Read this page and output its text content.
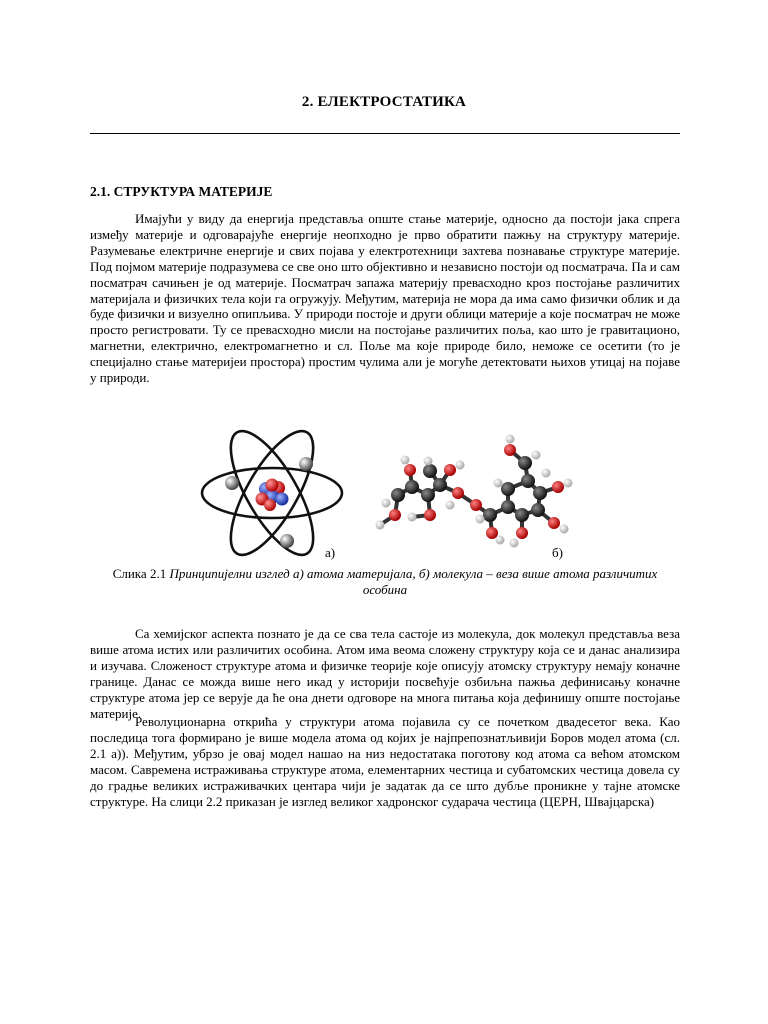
2. ЕЛЕКТРОСТАТИКА
2.1. СТРУКТУРА МАТЕРИЈЕ

Имајући у виду да енергија представља опште стање материје, односно да постоји јака спрега између материје и одговарајуће енергије неопходно је прво обратити пажњу на структуру материје. Разумевање електричне енергије и свих појава у електротехници захтева познавање структуре материје. Под појмом материје подразумева се све оно што објективно и независно постоји од посматрача. Па и сам посматрач сачињен је од материје. Посматрач запажа материју превасходно кроз постојање различитих материјала и физичких тела који га огружују. Међутим, материја не мора да има само физички облик и да буде физички и визуелно опипљива. У природи постоје и други облици материје а које посматрач не може просто регистровати. Ту се превасходно мисли на постојање различитих поља, као што је гравитационо, магнетни, електрично, електромагнетно и сл. Поље ма које природе било, неможе се осетити (то је специјално стање материјеи простора) простим чулима али је могуће детектовати њихов утицај на појаве у природи.

а)	б)

Слика 2.1 Принципијелни изглед а) атома материјала, б) молекула – веза више атома различитих особина

Са хемијског аспекта познато је да се сва тела састоје из молекула, док молекул представља веза више атома истих или различитих особина. Атом има веома сложену структуру која се и данас анализира и изучава. Сложеност структуре атома и физичке теорије које описују атомску структуру немају коначне границе. Данас се можда више него икад у историји посвећује озбиљна пажња дефинисању коначне структуре атома јер се верује да ће она днети одговоре на многа питања која дефинишу опште постојање материје.

Револуционарна открића у структури атома појавила су се почетком двадесетог века. Као последица тога формирано је више модела атома од којих је најпрепознатљивији Боров модел атома (сл. 2.1 а)). Међутим, убрзо је овај модел нашао на низ недостатака поготову код атома са већом атомском масом. Савремена истраживања структуре атома, елементарних честица и субатомских честица довела су до градње великих истраживачких центара чији је задатак да се што дубље проникне у тајне атомске структуре. На слици 2.2 приказан је изглед великог хадронског сударача честица (ЦЕРН, Швајцарска)
